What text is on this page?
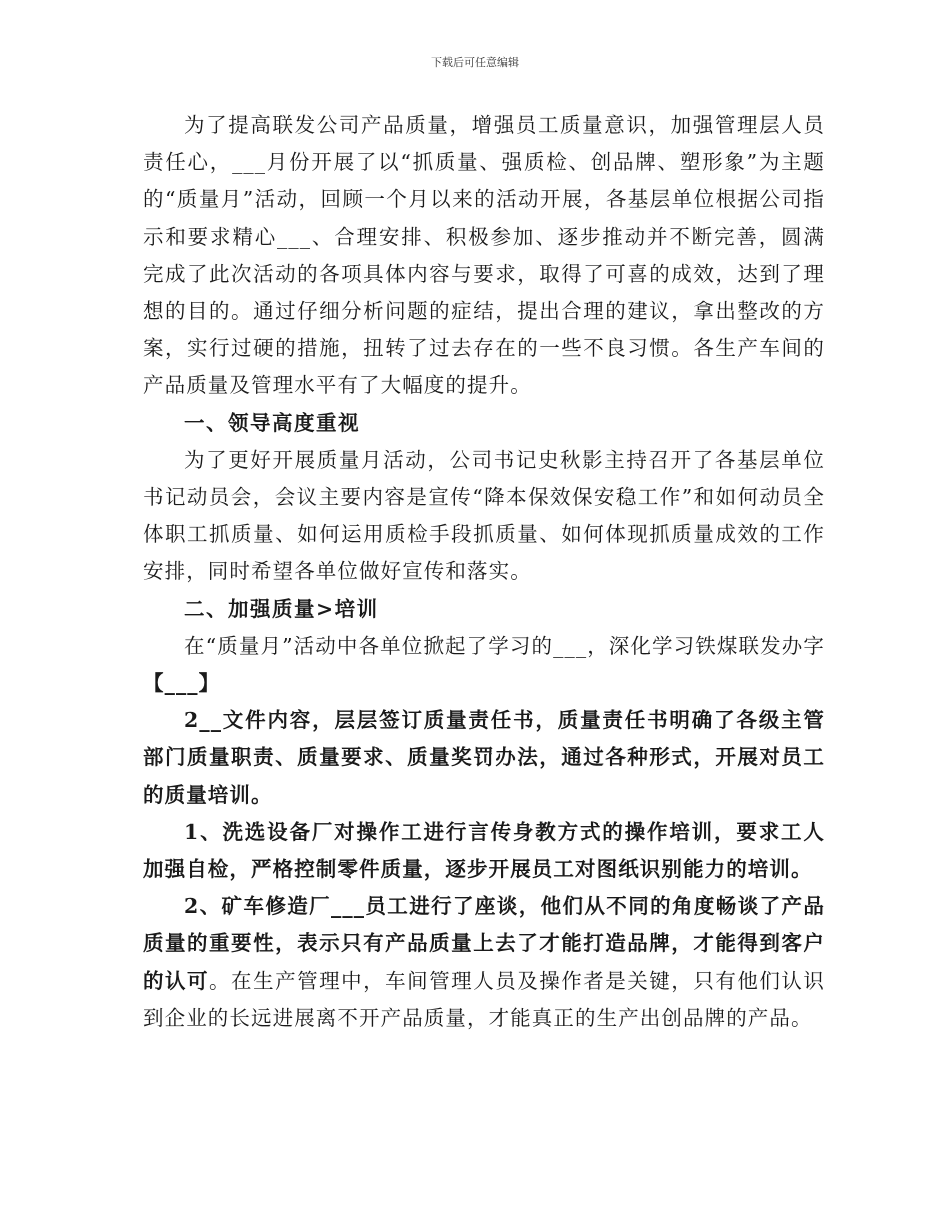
下载后可任意编辑

为了提高联发公司产品质量，增强员工质量意识，加强管理层人员责任心，___月份开展了以“抓质量、强质检、创品牌、塑形象”为主题的“质量月”活动，回顾一个月以来的活动开展，各基层单位根据公司指示和要求精心___、合理安排、积极参加、逐步推动并不断完善，圆满完成了此次活动的各项具体内容与要求，取得了可喜的成效，达到了理想的目的。通过仔细分析问题的症结，提出合理的建议，拿出整改的方案，实行过硬的措施，扭转了过去存在的一些不良习惯。各生产车间的产品质量及管理水平有了大幅度的提升。

一、领导高度重视

为了更好开展质量月活动，公司书记史秋影主持召开了各基层单位书记动员会，会议主要内容是宣传“降本保效保安稳工作”和如何动员全体职工抓质量、如何运用质检手段抓质量、如何体现抓质量成效的工作安排，同时希望各单位做好宣传和落实。

二、加强质量>培训

在“质量月”活动中各单位掀起了学习的___，深化学习铁煤联发办字【___】

2__文件内容，层层签订质量责任书，质量责任书明确了各级主管部门质量职责、质量要求、质量奖罚办法，通过各种形式，开展对员工的质量培训。

1、洗选设备厂对操作工进行言传身教方式的操作培训，要求工人加强自检，严格控制零件质量，逐步开展员工对图纸识别能力的培训。

2、矿车修造厂___员工进行了座谈，他们从不同的角度畅谈了产品质量的重要性，表示只有产品质量上去了才能打造品牌，才能得到客户的认可。在生产管理中，车间管理人员及操作者是关键，只有他们认识到企业的长远进展离不开产品质量，才能真正的生产出创品牌的产品。
